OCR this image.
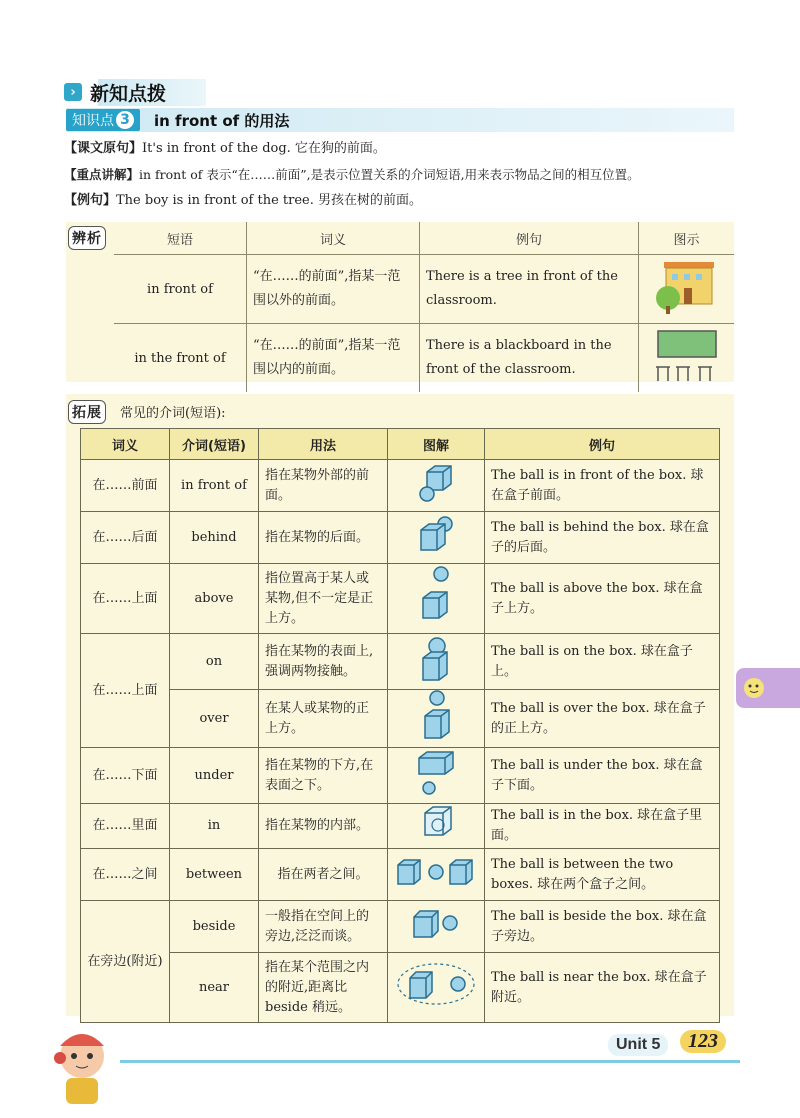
› 新知点拨
知识点 3 in front of 的用法
【课文原句】It's in front of the dog. 它在狗的前面。
【重点讲解】in front of 表示“在……前面”,是表示位置关系的介词短语,用来表示物品之间的相互位置。
【例句】The boy is in front of the tree. 男孩在树的前面。
辨析	短语	词义	例句	图示
in front of	“在……的前面”,指某一范围以外的前面。	There is a tree in front of the classroom.	
in the front of	“在……的前面”,指某一范围以内的前面。	There is a blackboard in the front of the classroom.	
拓展	常见的介词(短语):
词义	介词(短语)	用法	图解	例句
在……前面	in front of	指在某物外部的前面。		The ball is in front of the box. 球在盒子前面。
在……后面	behind	指在某物的后面。		The ball is behind the box. 球在盒子的后面。
在……上面	above	指位置高于某人或某物,但不一定是正上方。		The ball is above the box. 球在盒子上方。
在……上面	on	指在某物的表面上,强调两物接触。		The ball is on the box. 球在盒子上。
	over	在某人或某物的正上方。		The ball is over the box. 球在盒子的正上方。
在……下面	under	指在某物的下方,在表面之下。		The ball is under the box. 球在盒子下面。
在……里面	in	指在某物的内部。		The ball is in the box. 球在盒子里面。
在……之间	between	指在两者之间。		The ball is between the two boxes. 球在两个盒子之间。
在旁边(附近)	beside	一般指在空间上的旁边,泛泛而谈。		The ball is beside the box. 球在盒子旁边。
	near	指在某个范围之内的附近,距离比 beside 稍远。		The ball is near the box. 球在盒子附近。
Unit 5	123
